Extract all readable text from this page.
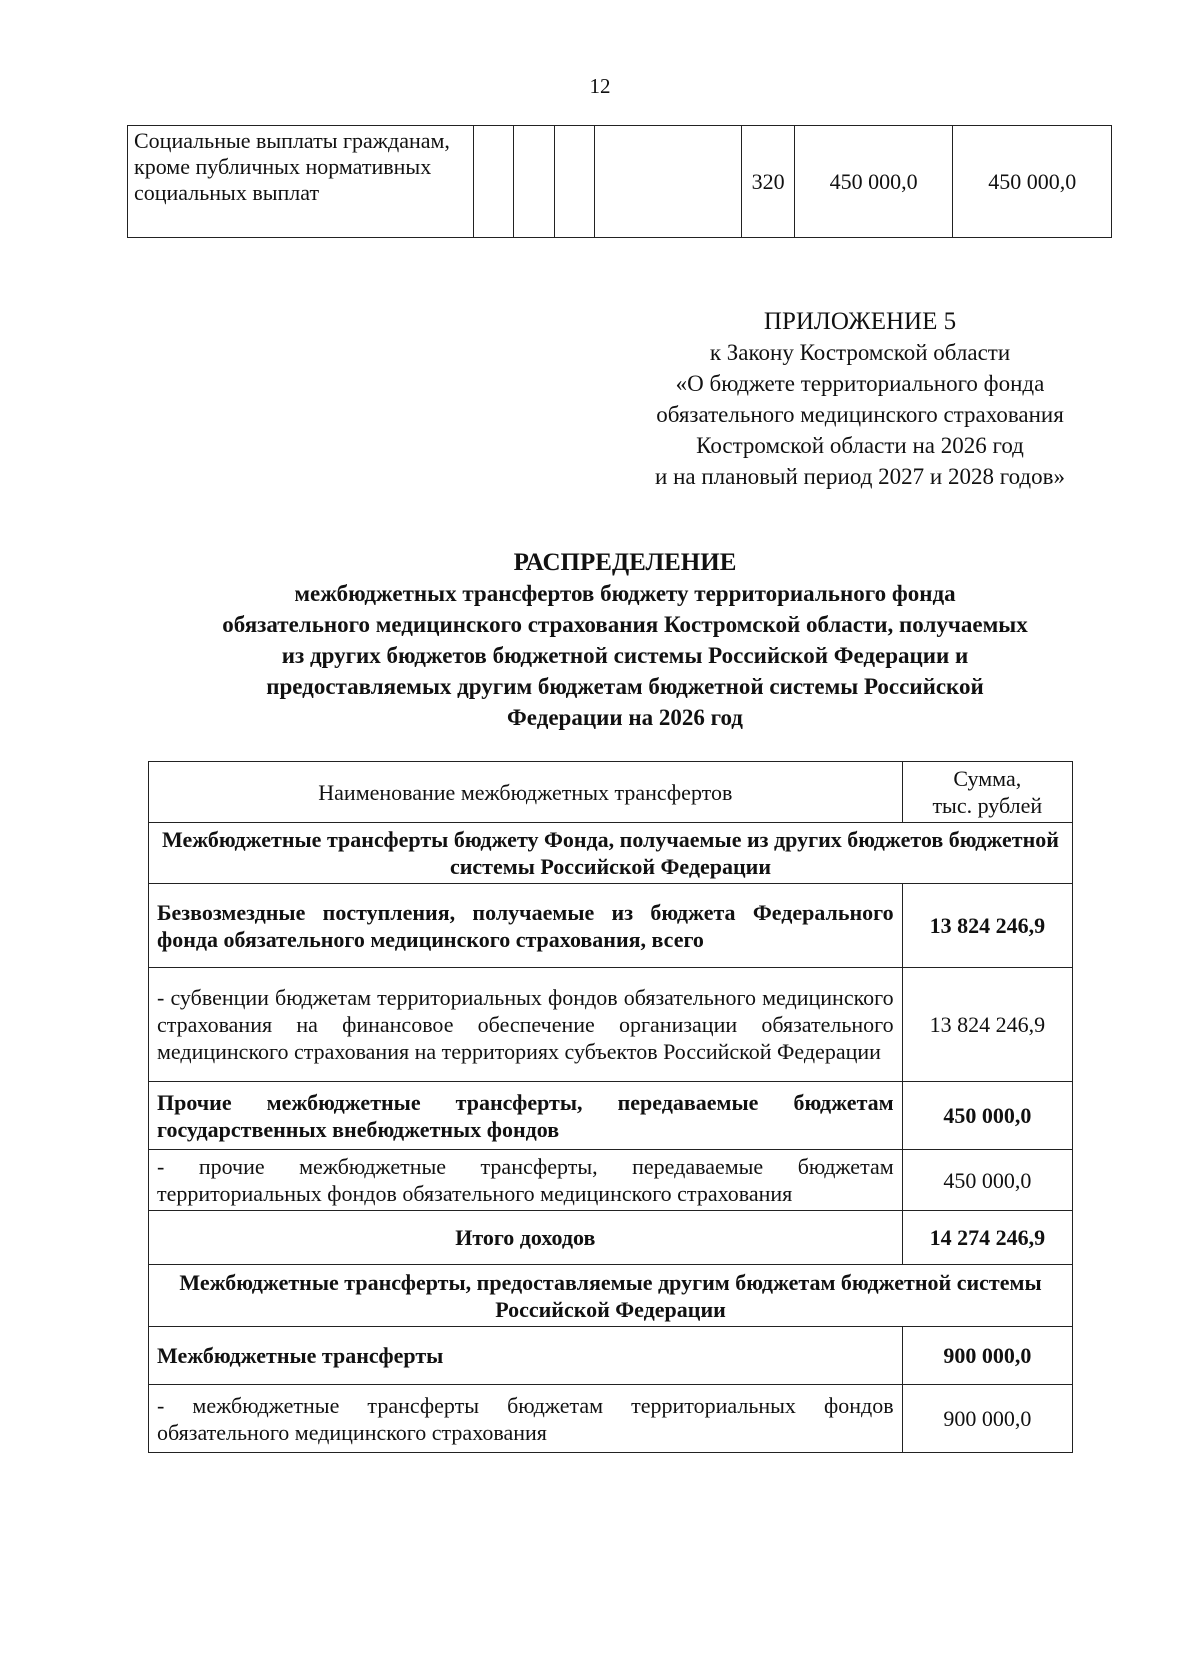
12
Социальные выплаты гражданам, кроме публичных нормативных социальных выплат					320	450 000,0	450 000,0
ПРИЛОЖЕНИЕ 5
к Закону Костромской области
«О бюджете территориального фонда
обязательного медицинского страхования
Костромской области на 2026 год
и на плановый период 2027 и 2028 годов»
РАСПРЕДЕЛЕНИЕ
межбюджетных трансфертов бюджету территориального фонда
обязательного медицинского страхования Костромской области, получаемых
из других бюджетов бюджетной системы Российской Федерации и
предоставляемых другим бюджетам бюджетной системы Российской
Федерации на 2026 год
Наименование межбюджетных трансфертов	Сумма,
тыс. рублей

Межбюджетные трансферты бюджету Фонда, получаемые из других бюджетов бюджетной системы Российской Федерации	
Безвозмездные поступления, получаемые из бюджета Федерального фонда обязательного медицинского страхования, всего	13 824 246,9
- субвенции бюджетам территориальных фондов обязательного медицинского страхования на финансовое обеспечение организации обязательного медицинского страхования на территориях субъектов Российской Федерации	13 824 246,9
Прочие межбюджетные трансферты, передаваемые бюджетам государственных внебюджетных фондов	450 000,0
- прочие межбюджетные трансферты, передаваемые бюджетам территориальных фондов обязательного медицинского страхования	450 000,0
Итого доходов	14 274 246,9
Межбюджетные трансферты, предоставляемые другим бюджетам бюджетной системы Российской Федерации	
Межбюджетные трансферты	900 000,0
- межбюджетные трансферты бюджетам территориальных фондов обязательного медицинского страхования	900 000,0
